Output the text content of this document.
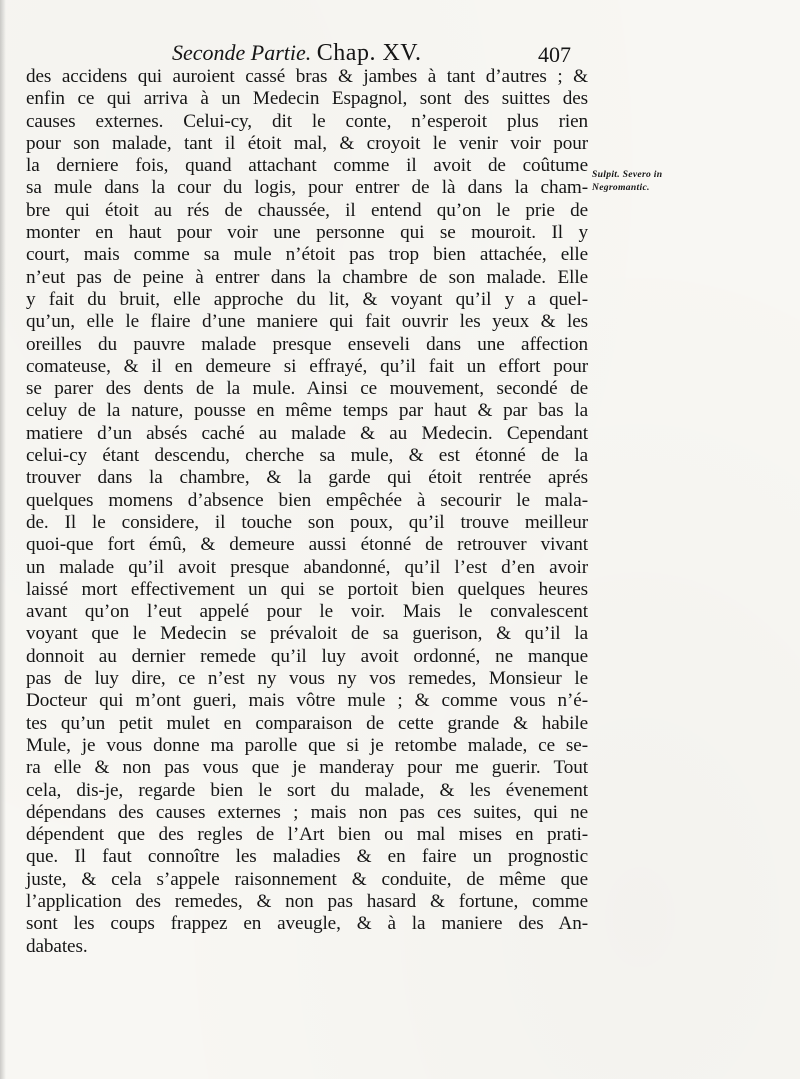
Seconde Partie. Chap. XV.	407
Sulpit. Severo in
Negromantic.
des accidens qui auroient cassé bras & jambes à tant d’autres ; &
enfin ce qui arriva à un Medecin Espagnol, sont des suittes des
causes externes. Celui-cy, dit le conte, n’esperoit plus rien
pour son malade, tant il étoit mal, & croyoit le venir voir pour
la derniere fois, quand attachant comme il avoit de coûtume
sa mule dans la cour du logis, pour entrer de là dans la cham-
bre qui étoit au rés de chaussée, il entend qu’on le prie de
monter en haut pour voir une personne qui se mouroit. Il y
court, mais comme sa mule n’étoit pas trop bien attachée, elle
n’eut pas de peine à entrer dans la chambre de son malade. Elle
y fait du bruit, elle approche du lit, & voyant qu’il y a quel-
qu’un, elle le flaire d’une maniere qui fait ouvrir les yeux & les
oreilles du pauvre malade presque enseveli dans une affection
comateuse, & il en demeure si effrayé, qu’il fait un effort pour
se parer des dents de la mule. Ainsi ce mouvement, secondé de
celuy de la nature, pousse en même temps par haut & par bas la
matiere d’un absés caché au malade & au Medecin. Cependant
celui-cy étant descendu, cherche sa mule, & est étonné de la
trouver dans la chambre, & la garde qui étoit rentrée aprés
quelques momens d’absence bien empêchée à secourir le mala-
de. Il le considere, il touche son poux, qu’il trouve meilleur
quoi-que fort émû, & demeure aussi étonné de retrouver vivant
un malade qu’il avoit presque abandonné, qu’il l’est d’en avoir
laissé mort effectivement un qui se portoit bien quelques heures
avant qu’on l’eut appelé pour le voir. Mais le convalescent
voyant que le Medecin se prévaloit de sa guerison, & qu’il la
donnoit au dernier remede qu’il luy avoit ordonné, ne manque
pas de luy dire, ce n’est ny vous ny vos remedes, Monsieur le
Docteur qui m’ont gueri, mais vôtre mule ; & comme vous n’é-
tes qu’un petit mulet en comparaison de cette grande & habile
Mule, je vous donne ma parolle que si je retombe malade, ce se-
ra elle & non pas vous que je manderay pour me guerir. Tout
cela, dis-je, regarde bien le sort du malade, & les évenement
dépendans des causes externes ; mais non pas ces suites, qui ne
dépendent que des regles de l’Art bien ou mal mises en prati-
que. Il faut connoître les maladies & en faire un prognostic
juste, & cela s’appele raisonnement & conduite, de même que
l’application des remedes, & non pas hasard & fortune, comme
sont les coups frappez en aveugle, & à la maniere des An-
dabates.
